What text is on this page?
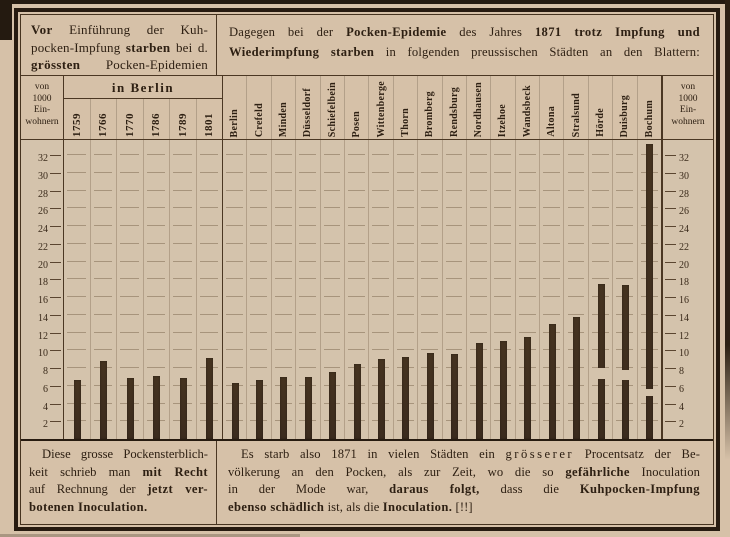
Vor Einführung der Kuh-
pocken-Impfung starben bei d.
grössten Pocken-Epidemien
Dagegen bei der Pocken-Epidemie des Jahres 1871 trotz Impfung und
Wiederimpfung starben in folgenden preussischen Städten an den Blattern:
von
1000
Ein-
wohnern
in Berlin
1759 1766 1770 1786 1789 1801 Berlin Crefeld Minden Düsseldorf Schiefelbein Posen Wittenberge Thorn Bromberg Rendsburg Nordhausen Itzehoe Wandsbeck Altona Stralsund Hörde Duisburg Bochum
von
1000
Ein-
wohnern
2
4
6
8
10
12
14
16
18
20
22
24
26
28
30
32
2
4
6
8
10
12
14
16
18
20
22
24
26
28
30
32
Diese grosse Pockensterblich-
keit schrieb man mit Recht
auf Rechnung der jetzt ver-
botenen Inoculation.
Es starb also 1871 in vielen Städten ein grösserer Procentsatz der Be-
völkerung an den Pocken, als zur Zeit, wo die so gefährliche Inoculation
in der Mode war, daraus folgt, dass die Kuhpocken-Impfung
ebenso schädlich ist, als die Inoculation. [!!]
